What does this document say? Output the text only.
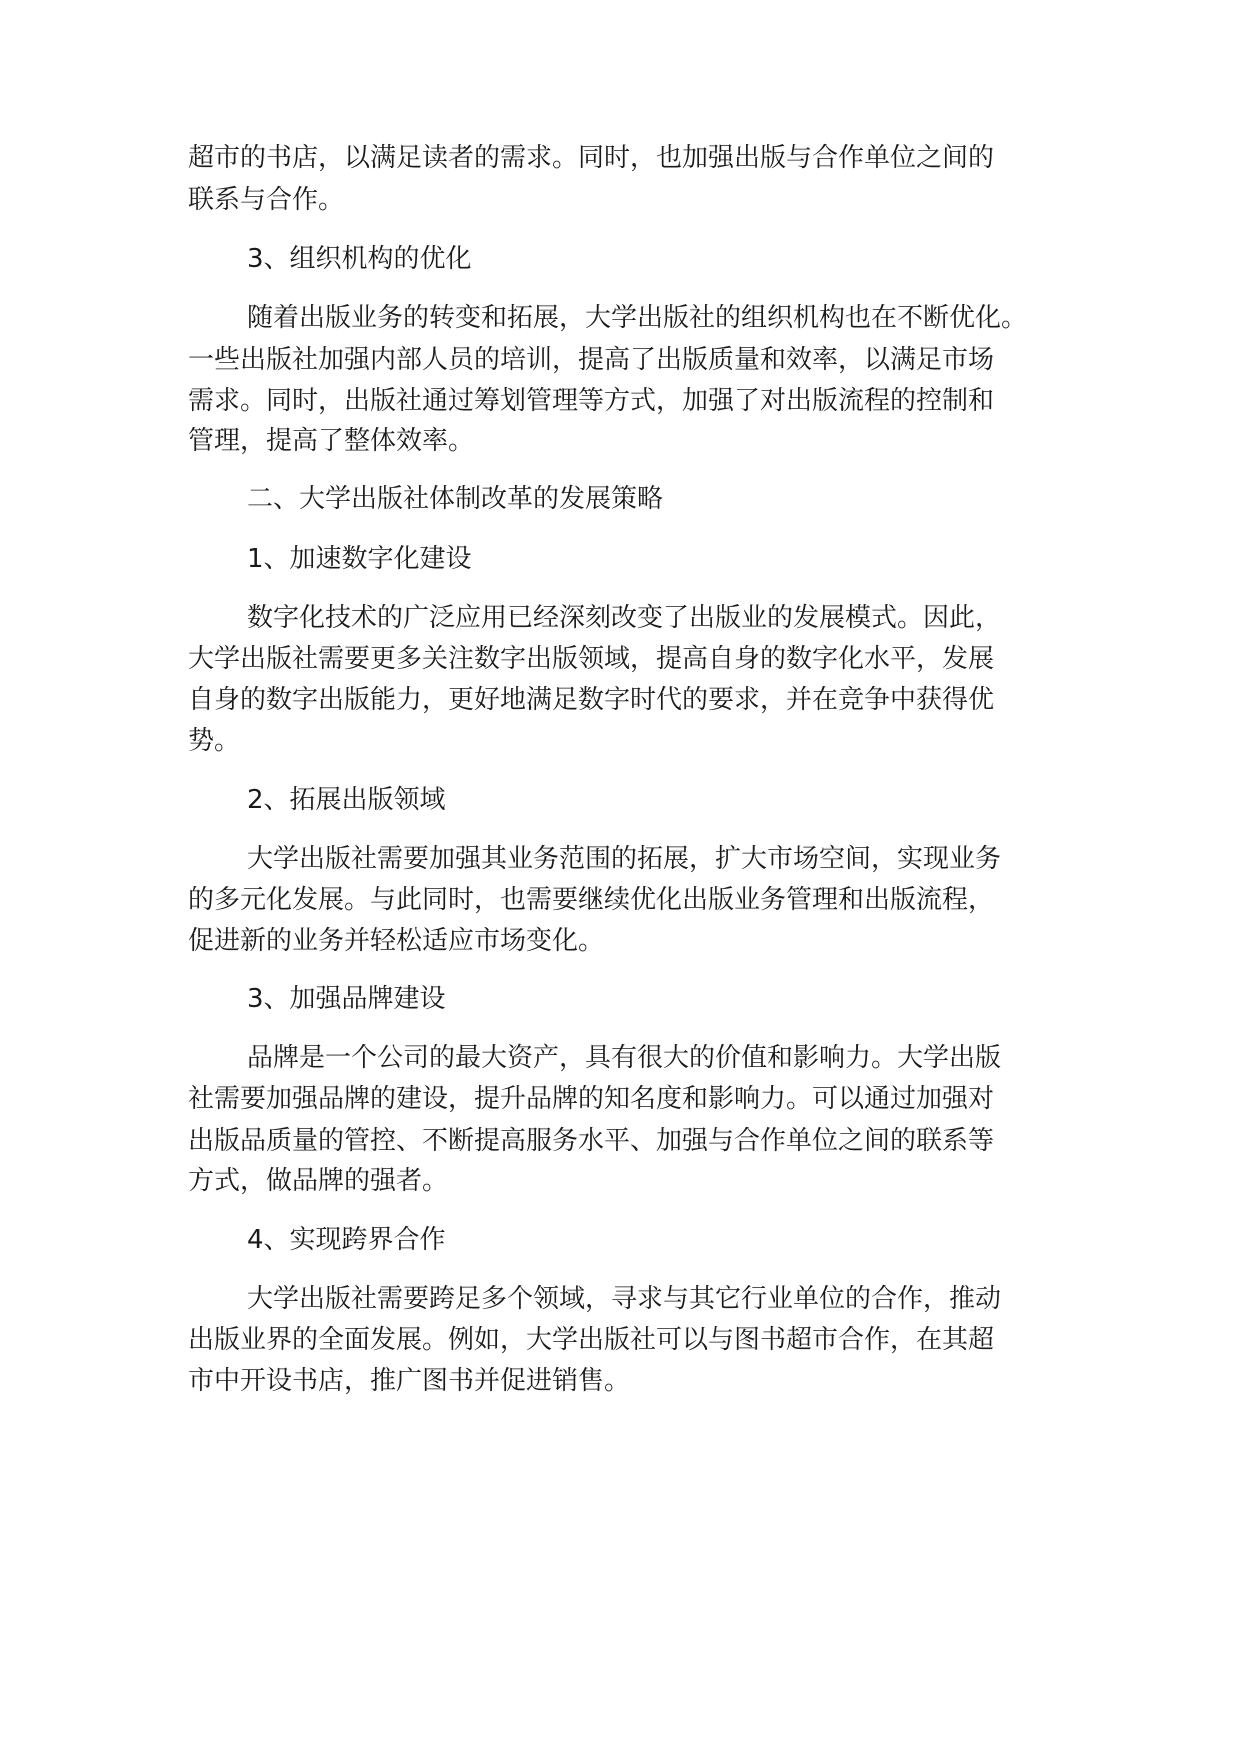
超市的书店，以满足读者的需求。同时，也加强出版与合作单位之间的
联系与合作。
3、组织机构的优化
随着出版业务的转变和拓展，大学出版社的组织机构也在不断优化。
一些出版社加强内部人员的培训，提高了出版质量和效率，以满足市场
需求。同时，出版社通过筹划管理等方式，加强了对出版流程的控制和
管理，提高了整体效率。
二、大学出版社体制改革的发展策略
1、加速数字化建设
数字化技术的广泛应用已经深刻改变了出版业的发展模式。因此，
大学出版社需要更多关注数字出版领域，提高自身的数字化水平，发展
自身的数字出版能力，更好地满足数字时代的要求，并在竞争中获得优
势。
2、拓展出版领域
大学出版社需要加强其业务范围的拓展，扩大市场空间，实现业务
的多元化发展。与此同时，也需要继续优化出版业务管理和出版流程，
促进新的业务并轻松适应市场变化。
3、加强品牌建设
品牌是一个公司的最大资产，具有很大的价值和影响力。大学出版
社需要加强品牌的建设，提升品牌的知名度和影响力。可以通过加强对
出版品质量的管控、不断提高服务水平、加强与合作单位之间的联系等
方式，做品牌的强者。
4、实现跨界合作
大学出版社需要跨足多个领域，寻求与其它行业单位的合作，推动
出版业界的全面发展。例如，大学出版社可以与图书超市合作，在其超
市中开设书店，推广图书并促进销售。
